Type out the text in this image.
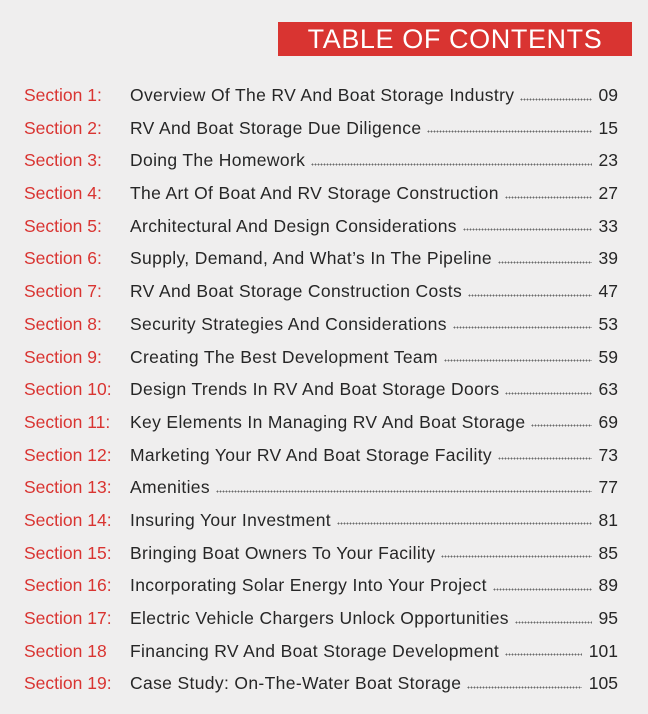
TABLE OF CONTENTS
Section 1:	Overview Of The RV And Boat Storage Industry	09
Section 2:	RV And Boat Storage Due Diligence	15
Section 3:	Doing The Homework	23
Section 4:	The Art Of Boat And RV Storage Construction	27
Section 5:	Architectural And Design Considerations	33
Section 6:	Supply, Demand, And What’s In The Pipeline	39
Section 7:	RV And Boat Storage Construction Costs	47
Section 8:	Security Strategies And Considerations	53
Section 9:	Creating The Best Development Team	59
Section 10:	Design Trends In RV And Boat Storage Doors	63
Section 11:	Key Elements In Managing RV And Boat Storage	69
Section 12:	Marketing Your RV And Boat Storage Facility	73
Section 13:	Amenities	77
Section 14:	Insuring Your Investment	81
Section 15:	Bringing Boat Owners To Your Facility	85
Section 16:	Incorporating Solar Energy Into Your Project	89
Section 17:	Electric Vehicle Chargers Unlock Opportunities	95
Section 18	Financing RV And Boat Storage Development	101
Section 19:	Case Study: On-The-Water Boat Storage	105
